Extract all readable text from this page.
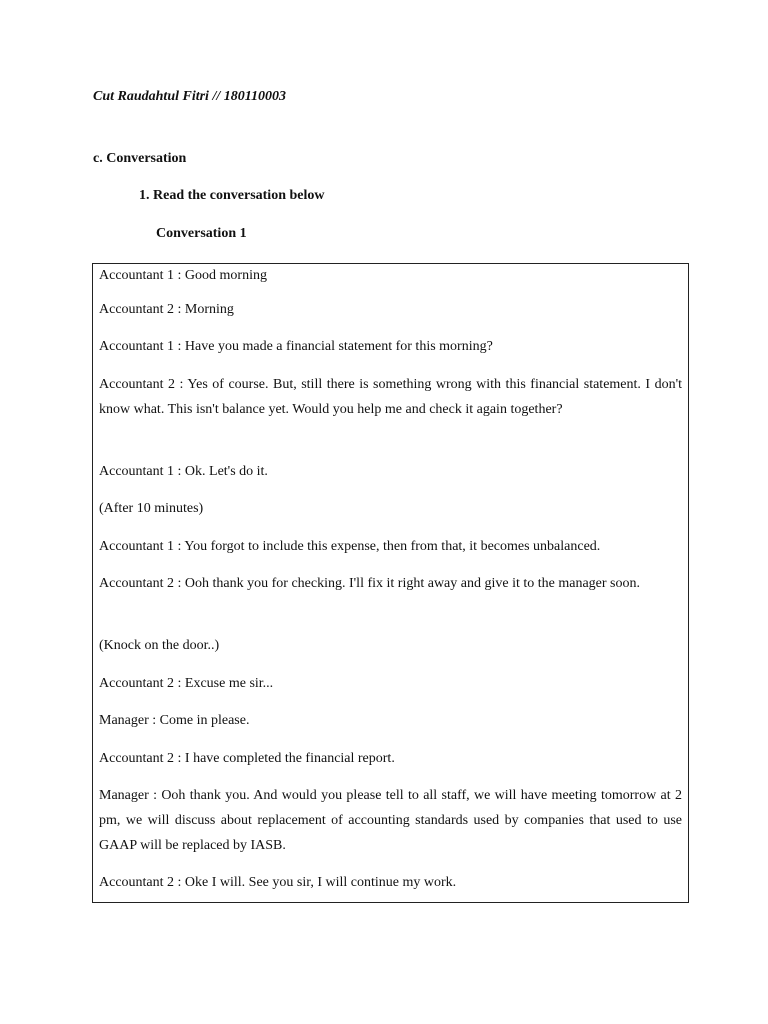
Cut Raudahtul Fitri // 180110003

c. Conversation

1. Read the conversation below

Conversation 1

Accountant 1 : Good morning

Accountant 2 : Morning

Accountant 1 : Have you made a financial statement for this morning?

Accountant 2 : Yes of course. But, still there is something wrong with this financial statement. I don't know what. This isn't balance yet. Would you help me and check it again together?

Accountant 1 : Ok. Let's do it.

(After 10 minutes)

Accountant 1 : You forgot to include this expense, then from that, it becomes unbalanced.

Accountant 2 : Ooh thank you for checking. I'll fix it right away and give it to the manager soon.

(Knock on the door..)

Accountant 2 : Excuse me sir...

Manager : Come in please.

Accountant 2 : I have completed the financial report.

Manager : Ooh thank you. And would you please tell to all staff, we will have meeting tomorrow at 2 pm, we will discuss about replacement of accounting standards used by companies that used to use GAAP will be replaced by IASB.

Accountant 2 : Oke I will. See you sir, I will continue my work.
